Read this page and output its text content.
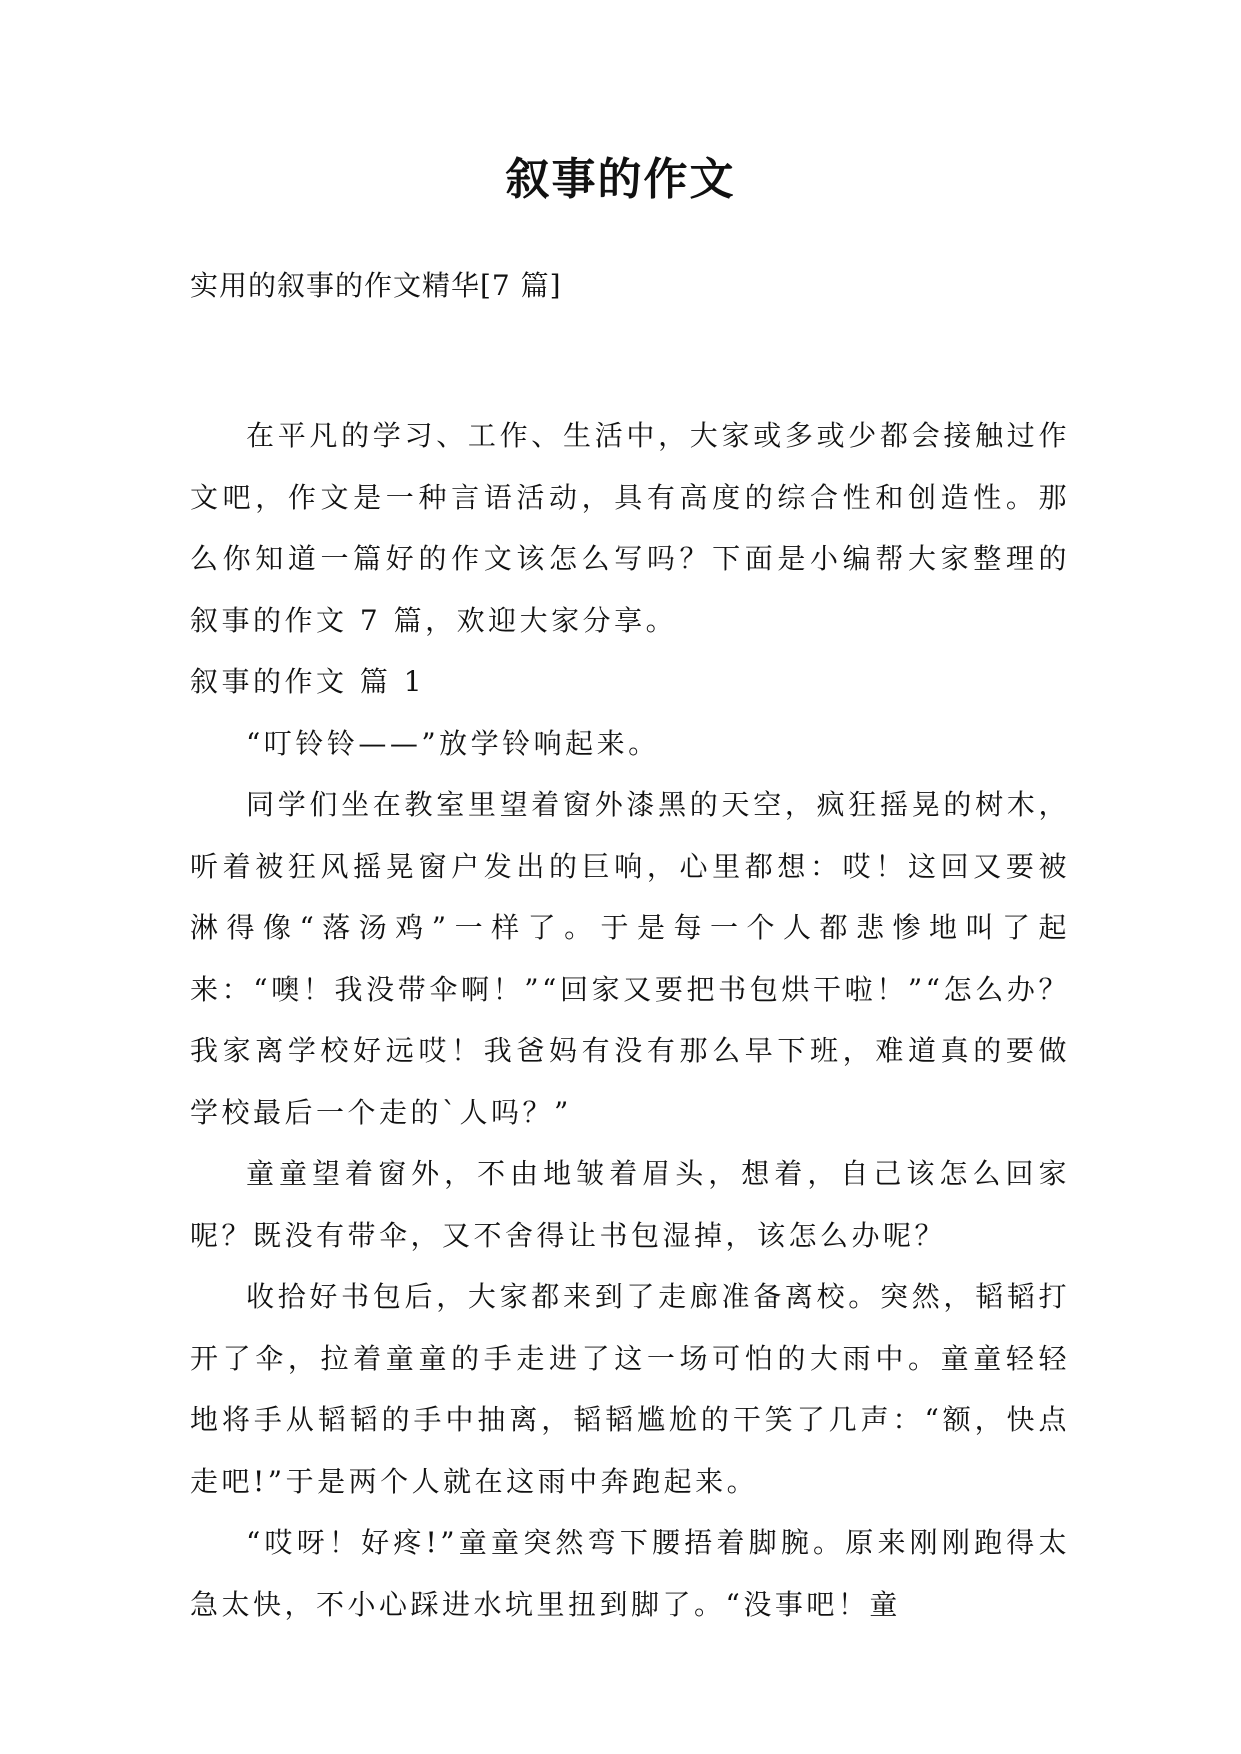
叙事的作文

实用的叙事的作文精华[7 篇]

在平凡的学习、工作、生活中，大家或多或少都会接触过作文吧，作文是一种言语活动，具有高度的综合性和创造性。那么你知道一篇好的作文该怎么写吗？下面是小编帮大家整理的叙事的作文 7 篇，欢迎大家分享。

叙事的作文 篇 1

“叮铃铃——”放学铃响起来。

同学们坐在教室里望着窗外漆黑的天空，疯狂摇晃的树木，听着被狂风摇晃窗户发出的巨响，心里都想：哎！这回又要被淋得像“落汤鸡”一样了。于是每一个人都悲惨地叫了起来：“噢！我没带伞啊！”“回家又要把书包烘干啦！”“怎么办？我家离学校好远哎！我爸妈有没有那么早下班，难道真的要做学校最后一个走的`人吗？”

童童望着窗外，不由地皱着眉头，想着，自己该怎么回家呢？既没有带伞，又不舍得让书包湿掉，该怎么办呢？

收拾好书包后，大家都来到了走廊准备离校。突然，韬韬打开了伞，拉着童童的手走进了这一场可怕的大雨中。童童轻轻地将手从韬韬的手中抽离，韬韬尴尬的干笑了几声：“额，快点走吧!”于是两个人就在这雨中奔跑起来。

“哎呀！好疼!”童童突然弯下腰捂着脚腕。原来刚刚跑得太急太快，不小心踩进水坑里扭到脚了。“没事吧！童
